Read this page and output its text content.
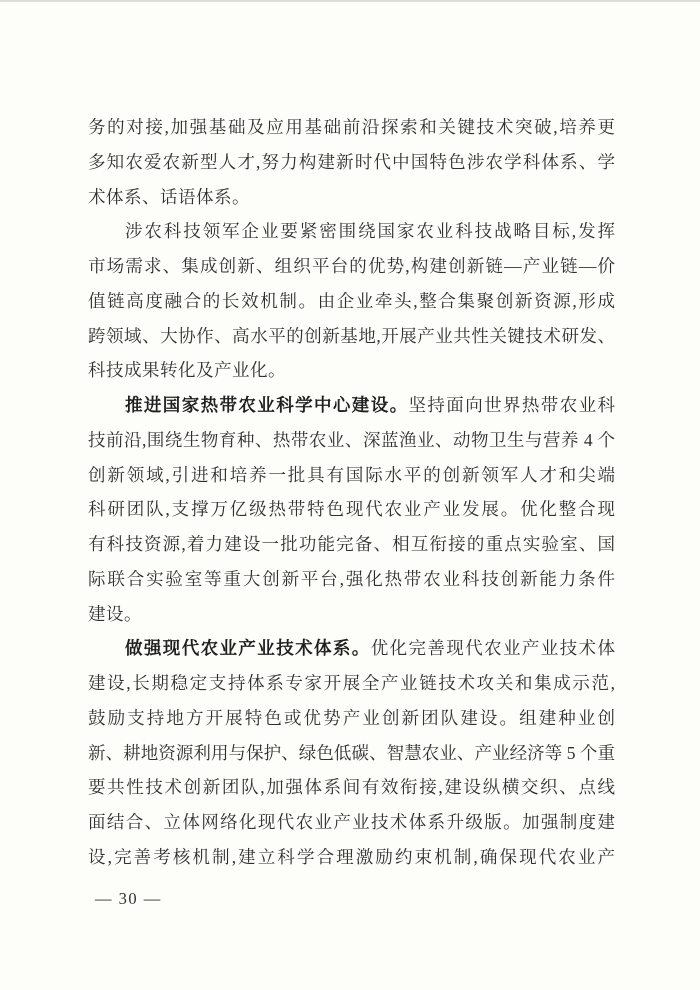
务的对接,加强基础及应用基础前沿探索和关键技术突破,培养更
多知农爱农新型人才,努力构建新时代中国特色涉农学科体系、学
术体系、话语体系。
涉农科技领军企业要紧密围绕国家农业科技战略目标,发挥
市场需求、集成创新、组织平台的优势,构建创新链—产业链—价
值链高度融合的长效机制。由企业牵头,整合集聚创新资源,形成
跨领域、大协作、高水平的创新基地,开展产业共性关键技术研发、
科技成果转化及产业化。
推进国家热带农业科学中心建设。坚持面向世界热带农业科
技前沿,围绕生物育种、热带农业、深蓝渔业、动物卫生与营养 4 个
创新领域,引进和培养一批具有国际水平的创新领军人才和尖端
科研团队,支撑万亿级热带特色现代农业产业发展。优化整合现
有科技资源,着力建设一批功能完备、相互衔接的重点实验室、国
际联合实验室等重大创新平台,强化热带农业科技创新能力条件
建设。
做强现代农业产业技术体系。优化完善现代农业产业技术体
建设,长期稳定支持体系专家开展全产业链技术攻关和集成示范,
鼓励支持地方开展特色或优势产业创新团队建设。组建种业创
新、耕地资源利用与保护、绿色低碳、智慧农业、产业经济等 5 个重
要共性技术创新团队,加强体系间有效衔接,建设纵横交织、点线
面结合、立体网络化现代农业产业技术体系升级版。加强制度建
设,完善考核机制,建立科学合理激励约束机制,确保现代农业产
— 30 —
